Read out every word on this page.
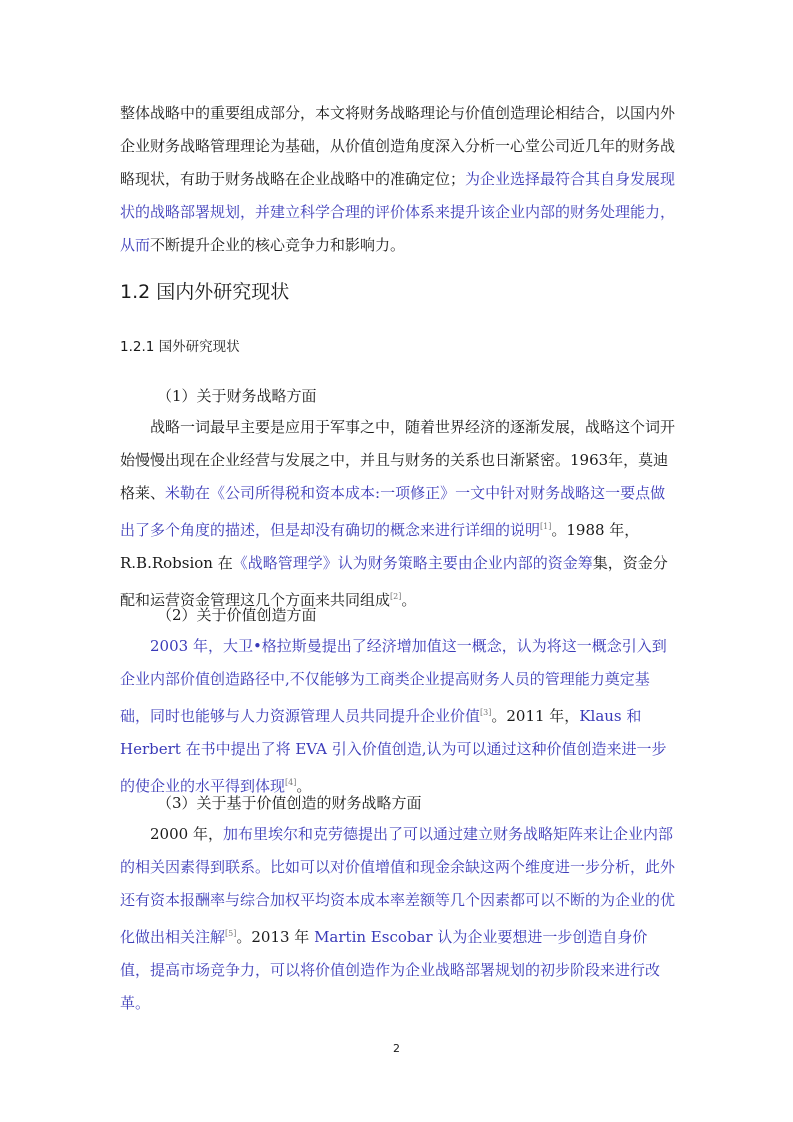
整体战略中的重要组成部分，本文将财务战略理论与价值创造理论相结合，以国内外企业财务战略管理理论为基础，从价值创造角度深入分析一心堂公司近几年的财务战略现状，有助于财务战略在企业战略中的准确定位；为企业选择最符合其自身发展现状的战略部署规划，并建立科学合理的评价体系来提升该企业内部的财务处理能力，从而不断提升企业的核心竞争力和影响力。

1.2 国内外研究现状
1.2.1 国外研究现状

（1）关于财务战略方面

战略一词最早主要是应用于军事之中，随着世界经济的逐渐发展，战略这个词开始慢慢出现在企业经营与发展之中，并且与财务的关系也日渐紧密。1963年，莫迪格莱、米勒在《公司所得税和资本成本:一项修正》一文中针对财务战略这一要点做出了多个角度的描述，但是却没有确切的概念来进行详细的说明[1]。1988 年，R.B.Robsion 在《战略管理学》认为财务策略主要由企业内部的资金筹集，资金分配和运营资金管理这几个方面来共同组成[2]。

（2）关于价值创造方面

2003 年，大卫•格拉斯曼提出了经济增加值这一概念，认为将这一概念引入到企业内部价值创造路径中,不仅能够为工商类企业提高财务人员的管理能力奠定基础，同时也能够与人力资源管理人员共同提升企业价值[3]。2011 年，Klaus 和 Herbert 在书中提出了将 EVA 引入价值创造,认为可以通过这种价值创造来进一步的使企业的水平得到体现[4]。

（3）关于基于价值创造的财务战略方面

2000 年，加布里埃尔和克劳德提出了可以通过建立财务战略矩阵来让企业内部的相关因素得到联系。比如可以对价值增值和现金余缺这两个维度进一步分析，此外还有资本报酬率与综合加权平均资本成本率差额等几个因素都可以不断的为企业的优化做出相关注解[5]。2013 年 Martin Escobar 认为企业要想进一步创造自身价值，提高市场竞争力，可以将价值创造作为企业战略部署规划的初步阶段来进行改革。

2
